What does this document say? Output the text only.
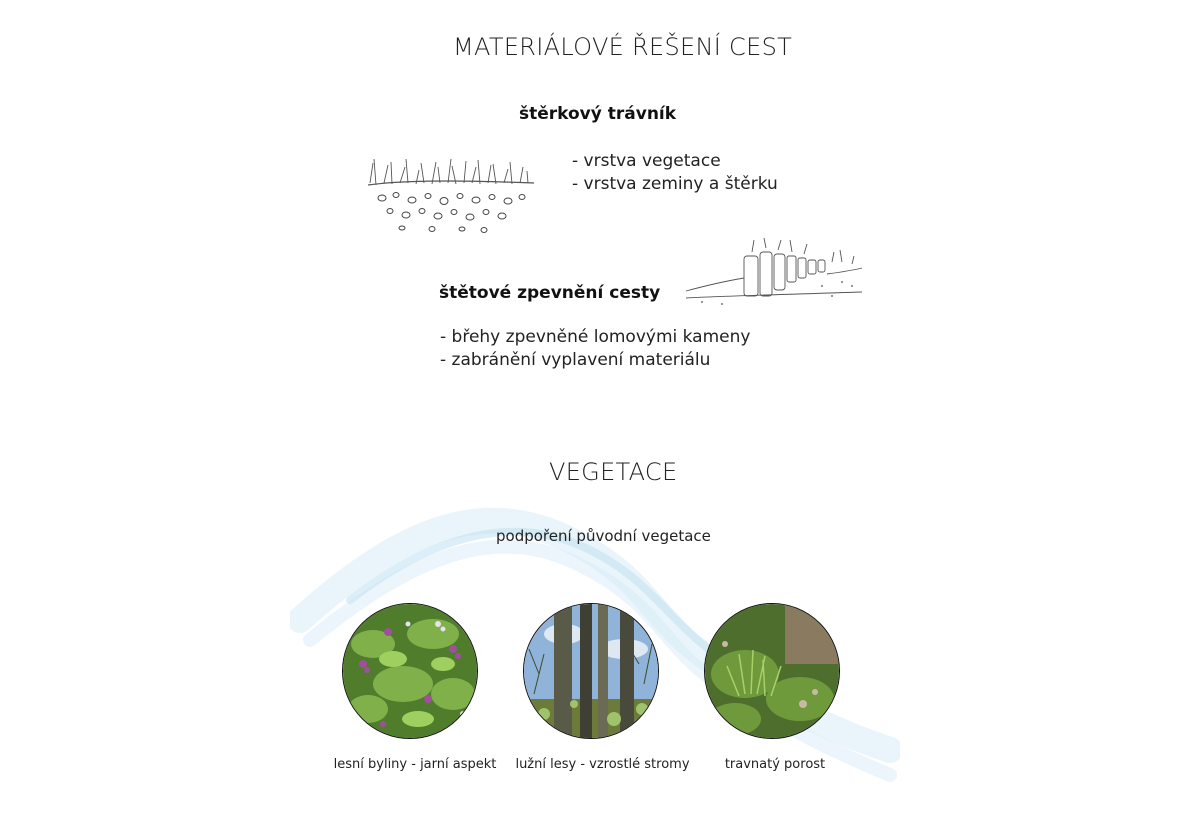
MATERIÁLOVÉ ŘEŠENÍ CEST
štěrkový trávník
- vrstva vegetace
- vrstva zeminy a štěrku
štětové zpevnění cesty
- břehy zpevněné lomovými kameny
- zabránění vyplavení materiálu
VEGETACE
podpoření původní vegetace
lesní byliny - jarní aspekt	lužní lesy - vzrostlé stromy	travnatý porost
